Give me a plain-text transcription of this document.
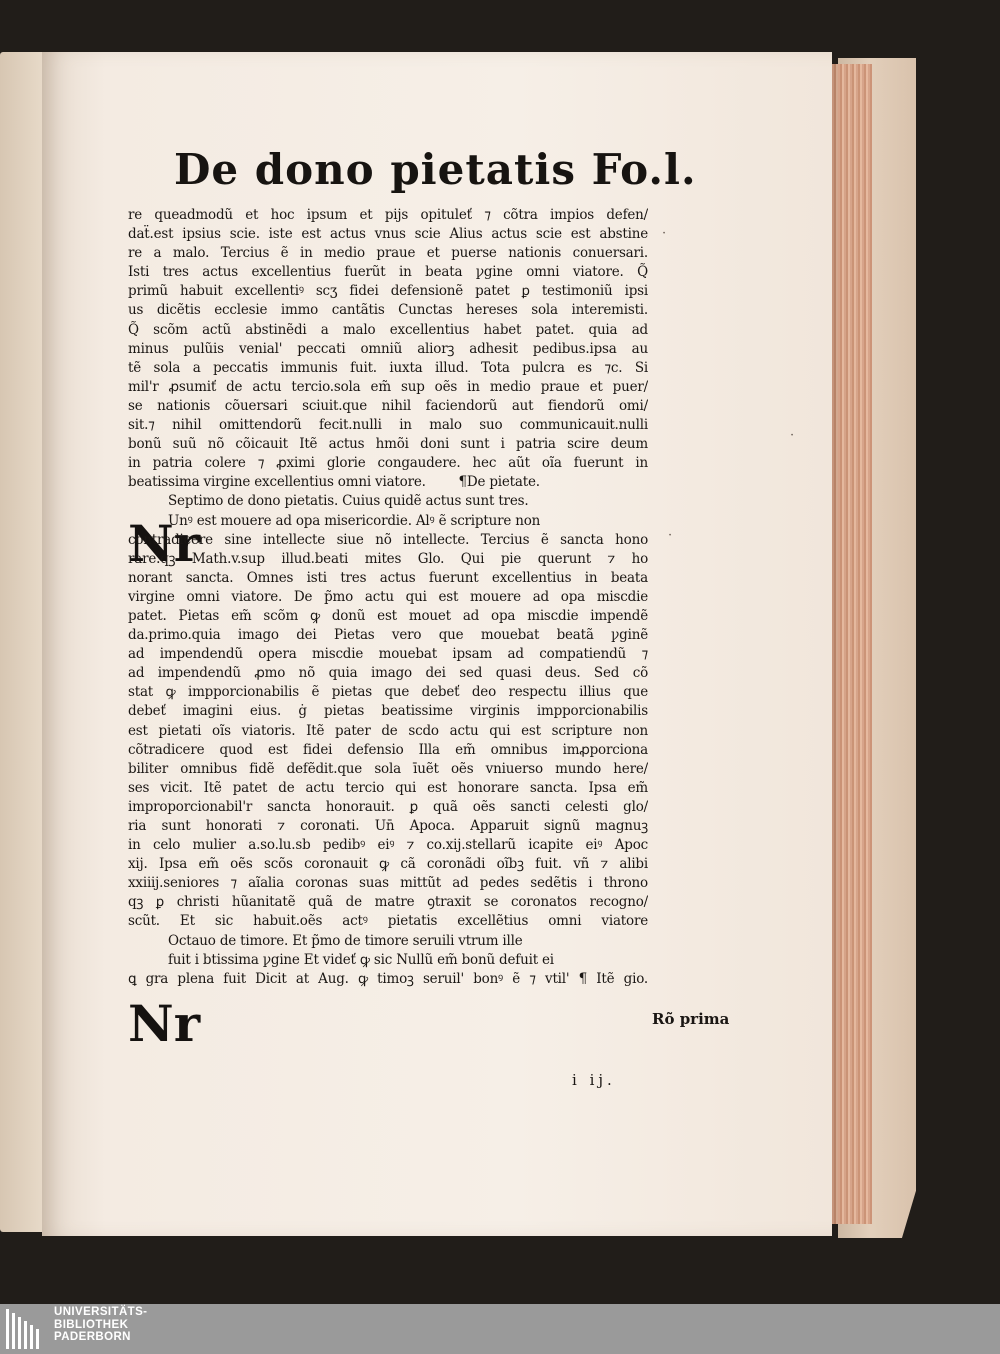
De dono pietatis Fo.l.
Nr
Nr
re queadmodũ et hoc ipsum et pijs opituleť ⁊ cõtra impios defen/
daẗ.est ipsius scie. iste est actus vnus scie Alius actus scie est abstine
re a malo. Tercius ẽ in medio praue et puerse nationis conuersari.
Isti tres actus excellentius fuerũt in beata ꝩgine omni viatore. Q̃
primũ habuit excellentiꝰ scʒ fidei defensionẽ patet ꝑ testimoniũ ipsi
us dicẽtis ecclesie immo cantãtis Cunctas hereses sola interemisti.
Q̃ scõm actũ abstinẽdi a malo excellentius habet patet. quia ad
minus pulũis venial' peccati omniũ aliorꝫ adhesit pedibus.ipsa au
tẽ sola a peccatis immunis fuit. iuxta illud. Tota pulcra es ⁊c. Si
mil'r ꝓsumiť de actu tercio.sola em̃ sup oẽs in medio praue et puer/
se nationis cõuersari sciuit.que nihil faciendorũ aut fiendorũ omi/
sit.⁊ nihil omittendorũ fecit.nulli in malo suo communicauit.nulli
bonũ suũ nõ cõicauit Itẽ actus hmõi doni sunt i patria scire deum
in patria colere ⁊ ꝓximi glorie congaudere. hec aũt oĩa fuerunt in
beatissima virgine excellentius omni viatore.        ¶De pietate.
Septimo de dono pietatis. Cuius quidẽ actus sunt tres.
Unꝰ est mouere ad opa misericordie. Alꝰ ẽ scripture non
contradicere sine intellecte siue nõ intellecte. Tercius ẽ sancta hono
rare.qꝫ Math.v.sup illud.beati mites Glo. Qui pie querunt ⁊ ho
norant sancta. Omnes isti tres actus fuerunt excellentius in beata
virgine omni viatore. De p̃mo actu qui est mouere ad opa miscdie
patet. Pietas em̃ scõm ꝙ donũ est mouet ad opa miscdie impendẽ
da.primo.quia imago dei Pietas vero que mouebat beatã ꝩginẽ
ad impendendũ opera miscdie mouebat ipsam ad compatiendũ ⁊
ad impendendũ ꝓmo nõ quia imago dei sed quasi deus. Sed cõ
stat ꝙ impporcionabilis ẽ pietas que debeť deo respectu illius que
debeť imagini eius. ġ pietas beatissime virginis impporcionabilis
est pietati oĩs viatoris. Itẽ pater de scdo actu qui est scripture non
cõtradicere quod est fidei defensio Illa em̃ omnibus imꝓporciona
biliter omnibus fidẽ defẽdit.que sola īuẽt oẽs vniuerso mundo here/
ses vicit. Itẽ patet de actu tercio qui est honorare sancta. Ipsa em̃
improporcionabil'r sancta honorauit. ꝑ quã oẽs sancti celesti glo/
ria sunt honorati ⁊ coronati. Un̄ Apoca. Apparuit signũ magnuꝫ
in celo mulier a.so.lu.sb pedibꝰ eiꝰ ⁊ co.xij.stellarũ icapite eiꝰ Apoc
xij. Ipsa em̃ oẽs scõs coronauit ꝙ cã coronãdi oĩbꝫ fuit. vñ ⁊ alibi
xxiiij.seniores ⁊ aĩalia coronas suas mittũt ad pedes sedẽtis i throno
qꝫ ꝑ christi hũanitatẽ quã de matre ꝯtraxit se coronatos recogno/
scũt. Et sic habuit.oẽs actꝰ pietatis excellẽtius omni viatore
Octauo de timore. Et p̃mo de timore seruili vtrum ille
fuit i btissima ꝩgine Et videť ꝙ sic Nullũ em̃ bonũ defuit ei
ꝗ gra plena fuit Dicit at Aug. ꝙ timoꝫ seruil' bonꝰ ẽ ⁊ vtil' ¶ Itẽ gio.
Rõ prima
i ij.
·
·
·
UNIVERSITÄTS-
BIBLIOTHEK
PADERBORN
